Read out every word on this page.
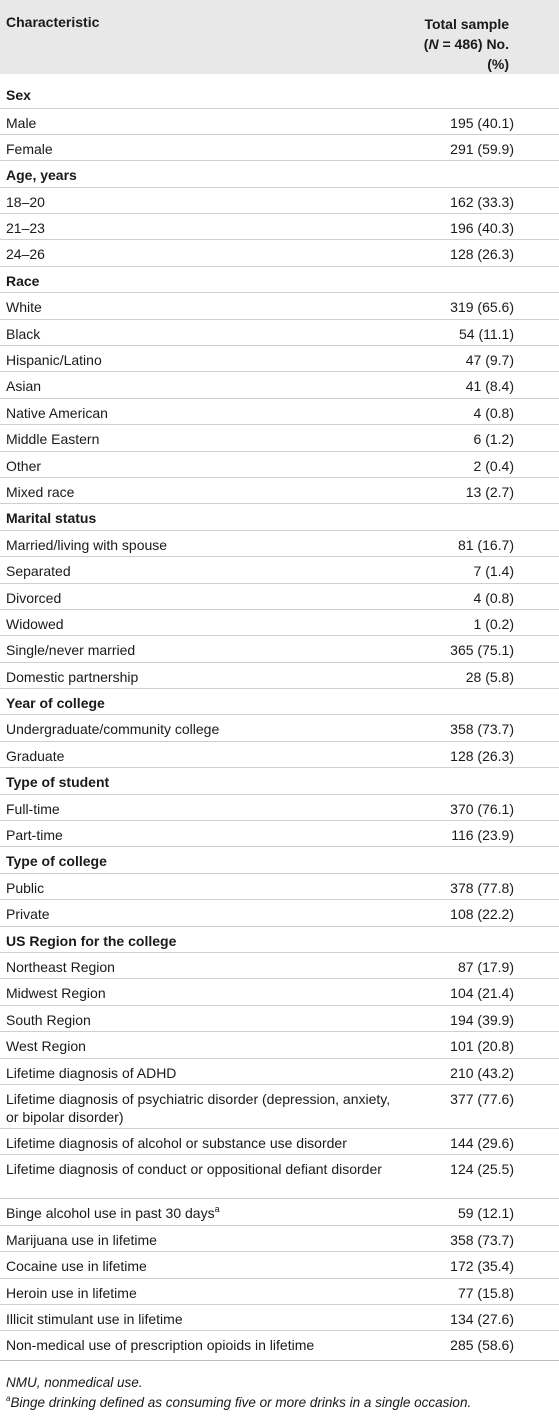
Characteristic	Total sample
(N = 486) No. (%)

Sex	
Male	195 (40.1)
Female	291 (59.9)
Age, years	
18–20	162 (33.3)
21–23	196 (40.3)
24–26	128 (26.3)
Race	
White	319 (65.6)
Black	54 (11.1)
Hispanic/Latino	47 (9.7)
Asian	41 (8.4)
Native American	4 (0.8)
Middle Eastern	6 (1.2)
Other	2 (0.4)
Mixed race	13 (2.7)
Marital status	
Married/living with spouse	81 (16.7)
Separated	7 (1.4)
Divorced	4 (0.8)
Widowed	1 (0.2)
Single/never married	365 (75.1)
Domestic partnership	28 (5.8)
Year of college	
Undergraduate/community college	358 (73.7)
Graduate	128 (26.3)
Type of student	
Full-time	370 (76.1)
Part-time	116 (23.9)
Type of college	
Public	378 (77.8)
Private	108 (22.2)
US Region for the college	
Northeast Region	87 (17.9)
Midwest Region	104 (21.4)
South Region	194 (39.9)
West Region	101 (20.8)
Lifetime diagnosis of ADHD	210 (43.2)
Lifetime diagnosis of psychiatric disorder (depression, anxiety, or bipolar disorder)	377 (77.6)
Lifetime diagnosis of alcohol or substance use disorder	144 (29.6)
Lifetime diagnosis of conduct or oppositional defiant disorder	124 (25.5)
Binge alcohol use in past 30 days$^a$	59 (12.1)
Marijuana use in lifetime	358 (73.7)
Cocaine use in lifetime	172 (35.4)
Heroin use in lifetime	77 (15.8)
Illicit stimulant use in lifetime	134 (27.6)
Non-medical use of prescription opioids in lifetime	285 (58.6)
NMU, nonmedical use.
$^a$Binge drinking defined as consuming five or more drinks in a single occasion.
